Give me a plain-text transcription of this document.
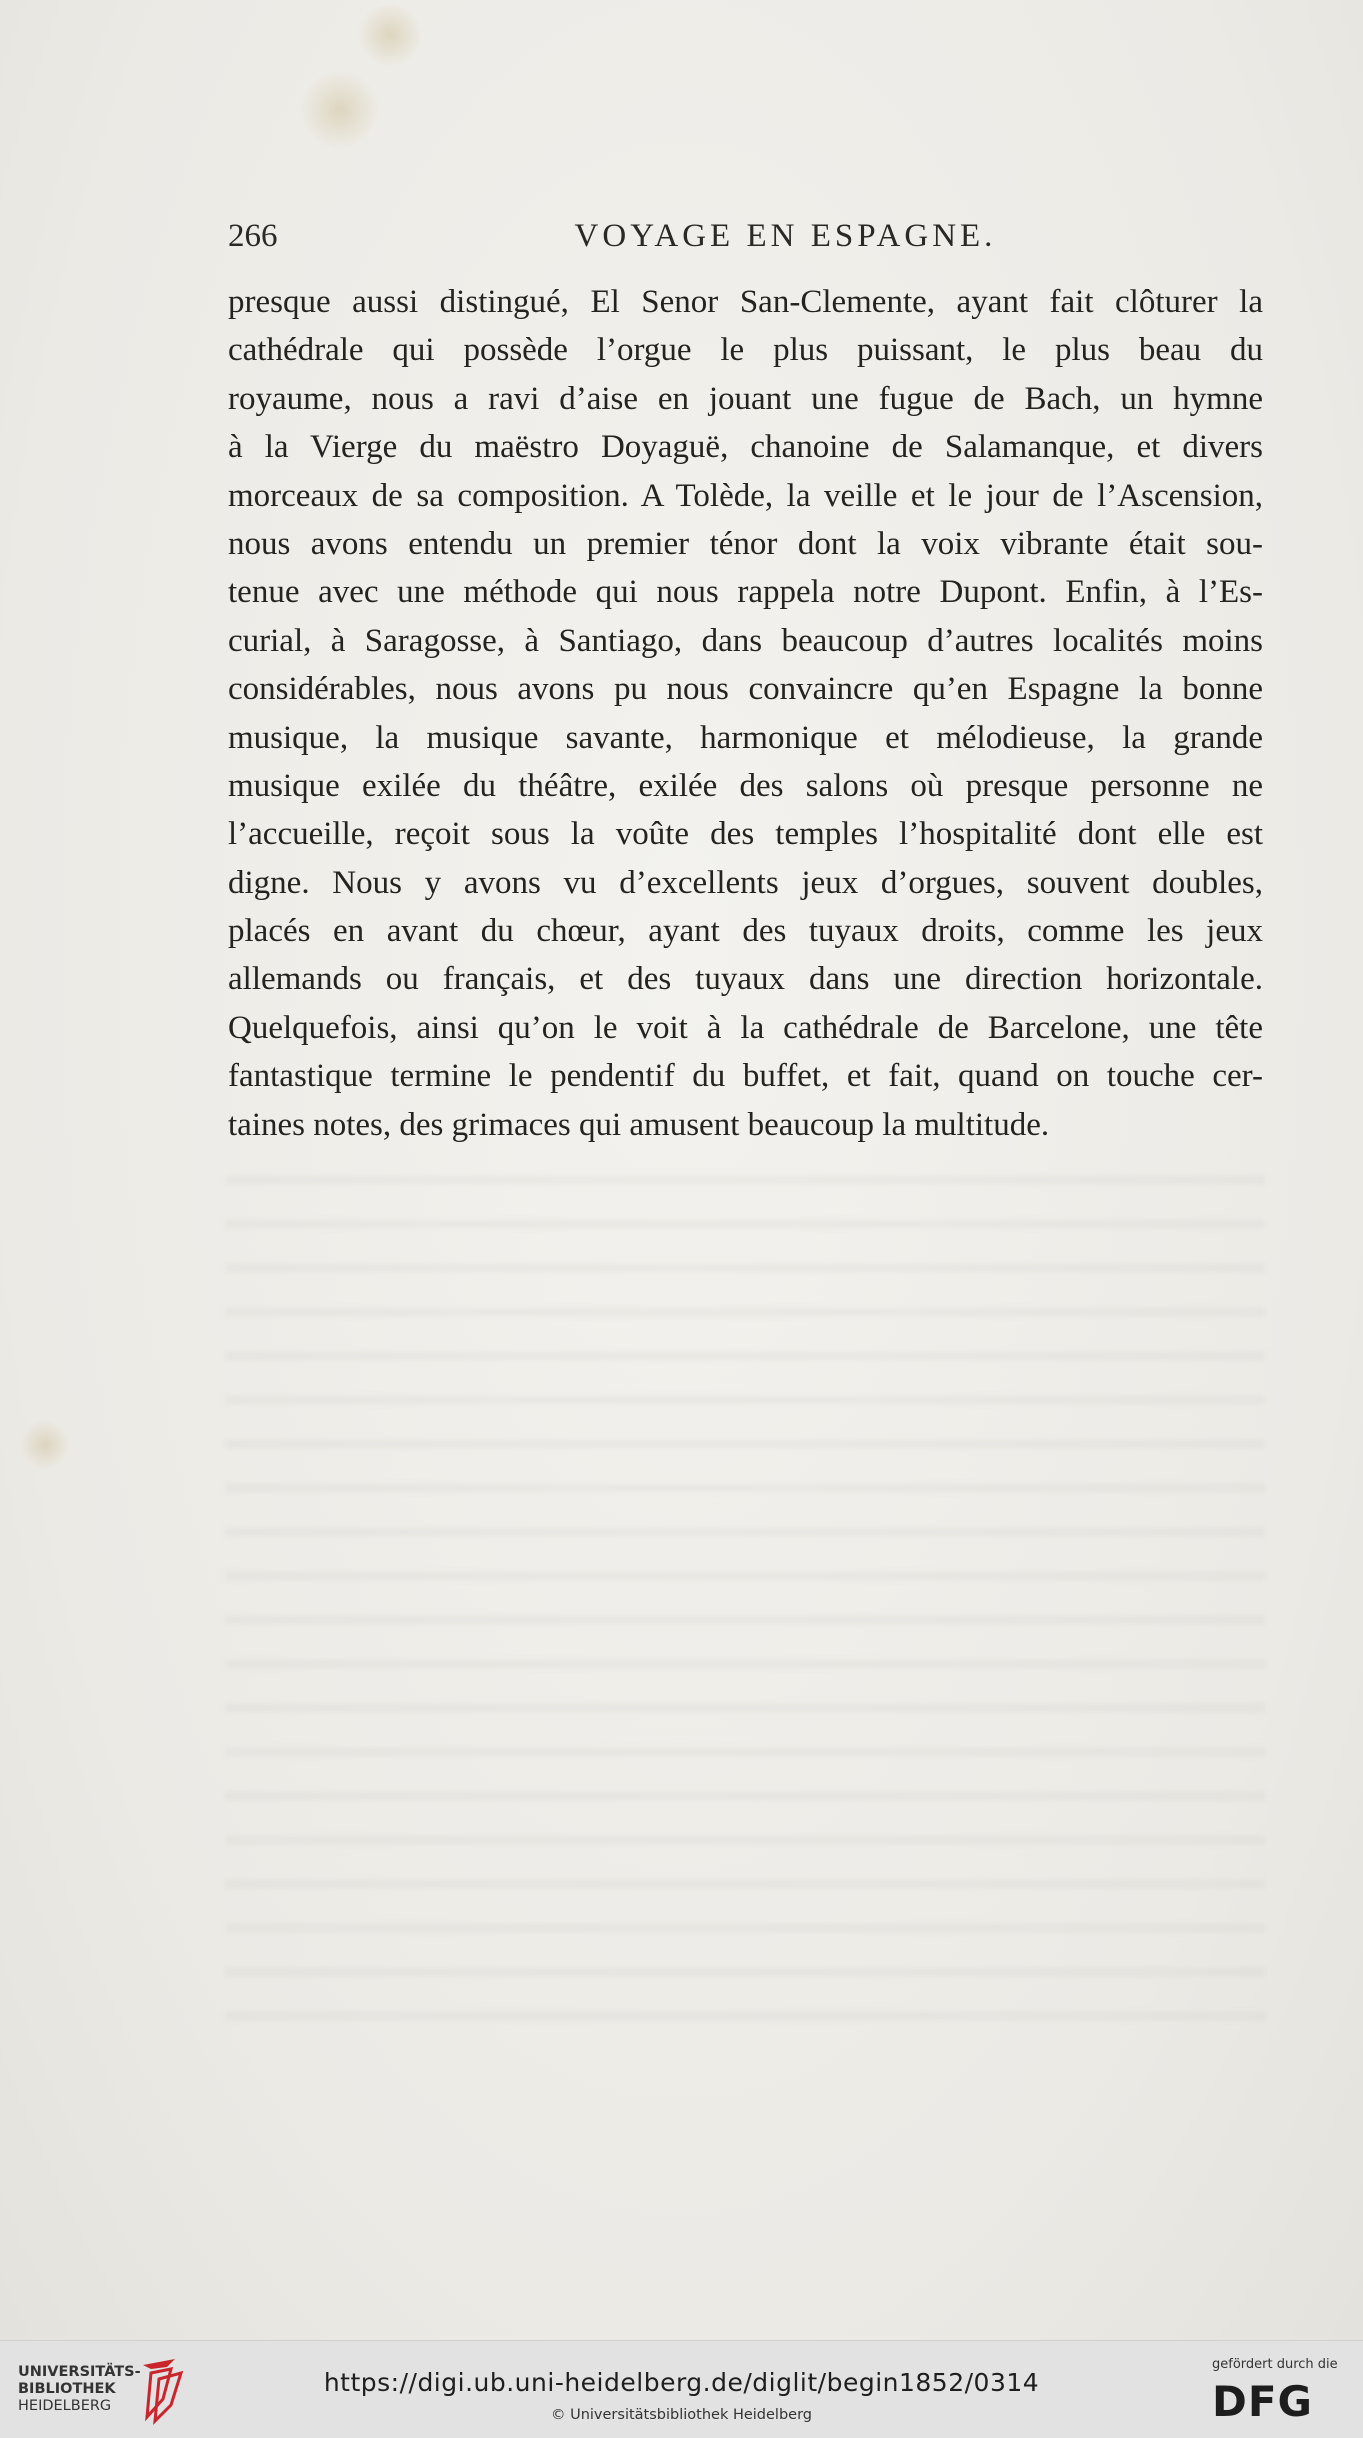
266	VOYAGE EN ESPAGNE.
presque aussi distingué, El Senor San-Clemente, ayant fait clôturer la
cathédrale qui possède l’orgue le plus puissant, le plus beau du
royaume, nous a ravi d’aise en jouant une fugue de Bach, un hymne
à la Vierge du maëstro Doyaguë, chanoine de Salamanque, et divers
morceaux de sa composition. A Tolède, la veille et le jour de l’Ascension,
nous avons entendu un premier ténor dont la voix vibrante était sou-
tenue avec une méthode qui nous rappela notre Dupont. Enfin, à l’Es-
curial, à Saragosse, à Santiago, dans beaucoup d’autres localités moins
considérables, nous avons pu nous convaincre qu’en Espagne la bonne
musique, la musique savante, harmonique et mélodieuse, la grande
musique exilée du théâtre, exilée des salons où presque personne ne
l’accueille, reçoit sous la voûte des temples l’hospitalité dont elle est
digne. Nous y avons vu d’excellents jeux d’orgues, souvent doubles,
placés en avant du chœur, ayant des tuyaux droits, comme les jeux
allemands ou français, et des tuyaux dans une direction horizontale.
Quelquefois, ainsi qu’on le voit à la cathédrale de Barcelone, une tête
fantastique termine le pendentif du buffet, et fait, quand on touche cer-
taines notes, des grimaces qui amusent beaucoup la multitude.
UNIVERSITÄTS-
BIBLIOTHEK
HEIDELBERG
https://digi.ub.uni-heidelberg.de/diglit/begin1852/0314
© Universitätsbibliothek Heidelberg
gefördert durch die
DFG
